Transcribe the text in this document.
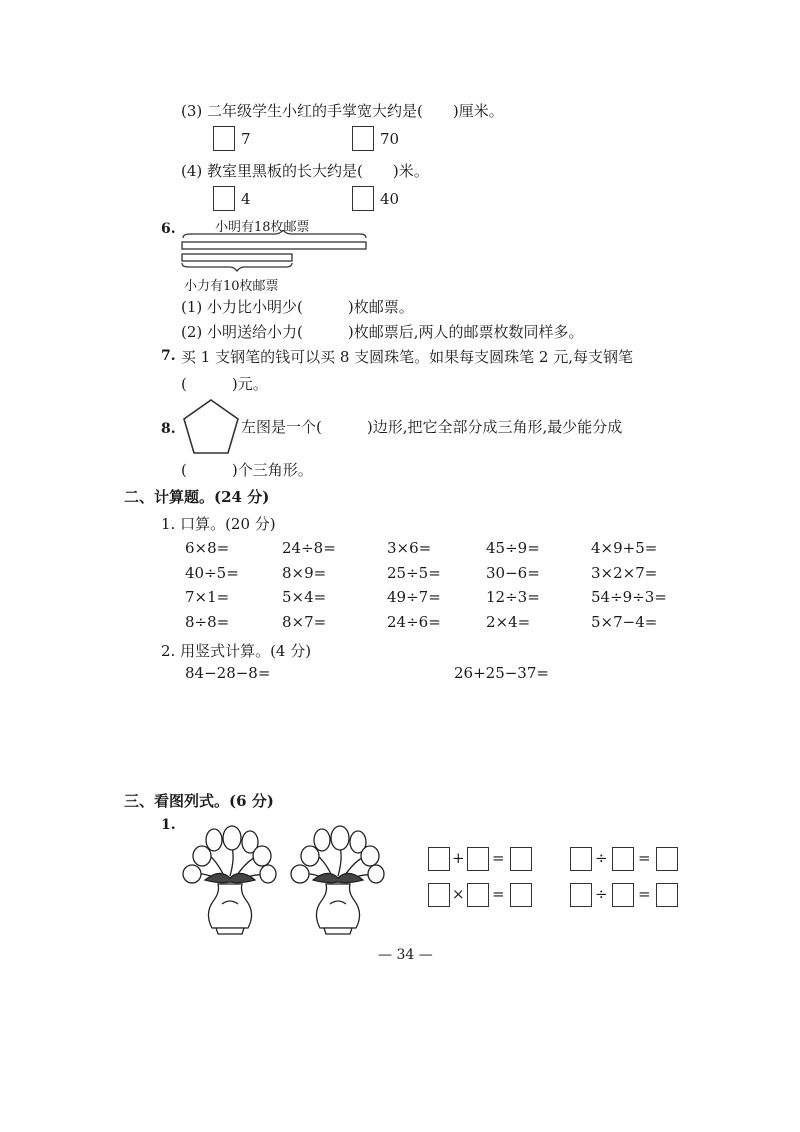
(3) 二年级学生小红的手掌宽大约是(　　)厘米。
7	70
(4) 教室里黑板的长大约是(　　)米。
4	40
6.	小明有18枚邮票
小力有10枚邮票
(1) 小力比小明少(　　　)枚邮票。
(2) 小明送给小力(　　　)枚邮票后,两人的邮票枚数同样多。
7. 买 1 支钢笔的钱可以买 8 支圆珠笔。如果每支圆珠笔 2 元,每支钢笔
(　　　)元。
8.	左图是一个(　　　)边形,把它全部分成三角形,最少能分成
(　　　)个三角形。
二、计算题。(24 分)
1. 口算。(20 分)
6×8=	24÷8=	3×6=	45÷9=	4×9+5=
40÷5=	8×9=	25÷5=	30−6=	3×2×7=
7×1=	5×4=	49÷7=	12÷3=	54÷9÷3=
8÷8=	8×7=	24÷6=	2×4=	5×7−4=
2. 用竖式计算。(4 分)
84−28−8=	26+25−37=
三、看图列式。(6 分)
1.
+ =	÷ =
× =	÷ =
— 34 —
